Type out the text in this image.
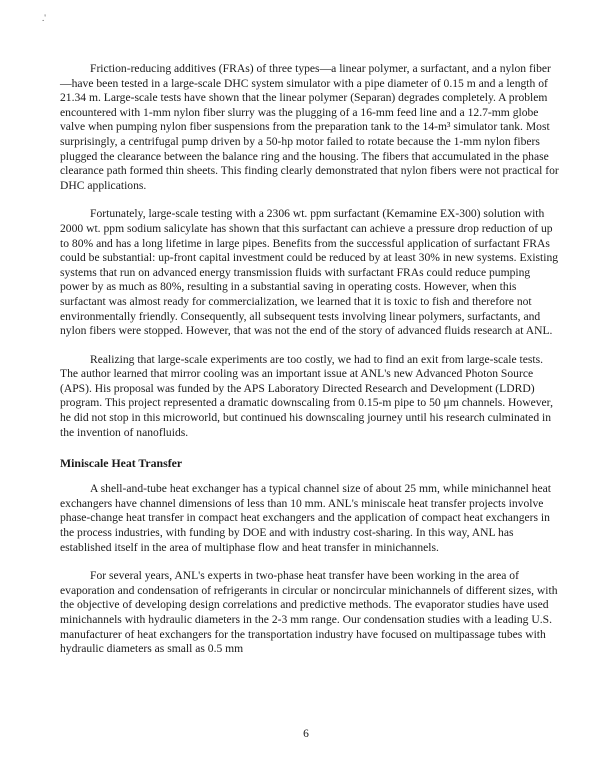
.'

Friction-reducing additives (FRAs) of three types—a linear polymer, a surfactant, and a nylon fiber—have been tested in a large-scale DHC system simulator with a pipe diameter of 0.15 m and a length of 21.34 m. Large-scale tests have shown that the linear polymer (Separan) degrades completely. A problem encountered with 1-mm nylon fiber slurry was the plugging of a 16-mm feed line and a 12.7-mm globe valve when pumping nylon fiber suspensions from the preparation tank to the 14-m³ simulator tank. Most surprisingly, a centrifugal pump driven by a 50-hp motor failed to rotate because the 1-mm nylon fibers plugged the clearance between the balance ring and the housing. The fibers that accumulated in the phase clearance path formed thin sheets. This finding clearly demonstrated that nylon fibers were not practical for DHC applications.

Fortunately, large-scale testing with a 2306 wt. ppm surfactant (Kemamine EX-300) solution with 2000 wt. ppm sodium salicylate has shown that this surfactant can achieve a pressure drop reduction of up to 80% and has a long lifetime in large pipes. Benefits from the successful application of surfactant FRAs could be substantial: up-front capital investment could be reduced by at least 30% in new systems. Existing systems that run on advanced energy transmission fluids with surfactant FRAs could reduce pumping power by as much as 80%, resulting in a substantial saving in operating costs. However, when this surfactant was almost ready for commercialization, we learned that it is toxic to fish and therefore not environmentally friendly. Consequently, all subsequent tests involving linear polymers, surfactants, and nylon fibers were stopped. However, that was not the end of the story of advanced fluids research at ANL.

Realizing that large-scale experiments are too costly, we had to find an exit from large-scale tests. The author learned that mirror cooling was an important issue at ANL's new Advanced Photon Source (APS). His proposal was funded by the APS Laboratory Directed Research and Development (LDRD) program. This project represented a dramatic downscaling from 0.15-m pipe to 50 μm channels. However, he did not stop in this microworld, but continued his downscaling journey until his research culminated in the invention of nanofluids.

Miniscale Heat Transfer

A shell-and-tube heat exchanger has a typical channel size of about 25 mm, while minichannel heat exchangers have channel dimensions of less than 10 mm. ANL's miniscale heat transfer projects involve phase-change heat transfer in compact heat exchangers and the application of compact heat exchangers in the process industries, with funding by DOE and with industry cost-sharing. In this way, ANL has established itself in the area of multiphase flow and heat transfer in minichannels.

For several years, ANL's experts in two-phase heat transfer have been working in the area of evaporation and condensation of refrigerants in circular or noncircular minichannels of different sizes, with the objective of developing design correlations and predictive methods. The evaporator studies have used minichannels with hydraulic diameters in the 2-3 mm range. Our condensation studies with a leading U.S. manufacturer of heat exchangers for the transportation industry have focused on multipassage tubes with hydraulic diameters as small as 0.5 mm

6
